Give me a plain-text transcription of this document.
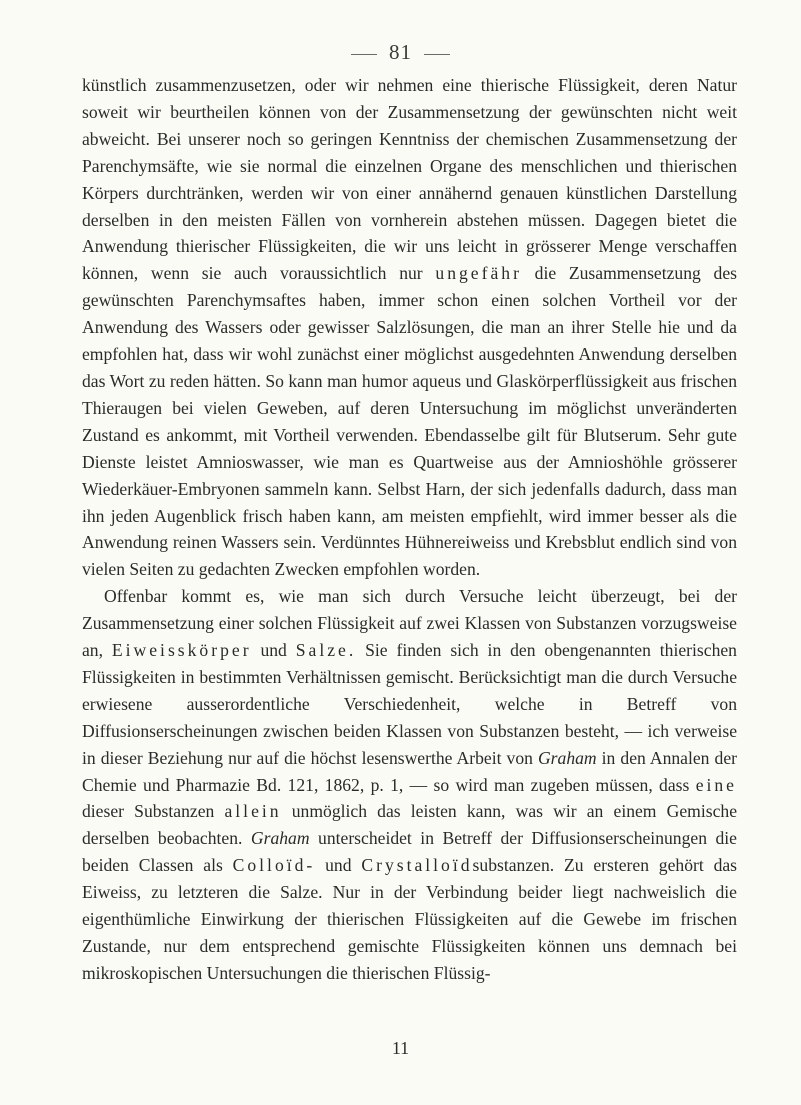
81

künstlich zusammenzusetzen, oder wir nehmen eine thierische Flüssigkeit, deren Natur soweit wir beurtheilen können von der Zusammensetzung der gewünschten nicht weit abweicht. Bei unserer noch so geringen Kenntniss der chemischen Zusammensetzung der Parenchymsäfte, wie sie normal die einzelnen Organe des menschlichen und thierischen Körpers durchtränken, werden wir von einer annähernd genauen künstlichen Darstellung derselben in den meisten Fällen von vornherein abstehen müssen. Dagegen bietet die Anwendung thierischer Flüssigkeiten, die wir uns leicht in grösserer Menge verschaffen können, wenn sie auch voraussichtlich nur ungefähr die Zusammensetzung des gewünschten Parenchymsaftes haben, immer schon einen solchen Vortheil vor der Anwendung des Wassers oder gewisser Salzlösungen, die man an ihrer Stelle hie und da empfohlen hat, dass wir wohl zunächst einer möglichst ausgedehnten Anwendung derselben das Wort zu reden hätten. So kann man humor aqueus und Glaskörperflüssigkeit aus frischen Thieraugen bei vielen Geweben, auf deren Untersuchung im möglichst unveränderten Zustand es ankommt, mit Vortheil verwenden. Ebendasselbe gilt für Blutserum. Sehr gute Dienste leistet Amnioswasser, wie man es Quartweise aus der Amnioshöhle grösserer Wiederkäuer-Embryonen sammeln kann. Selbst Harn, der sich jedenfalls dadurch, dass man ihn jeden Augenblick frisch haben kann, am meisten empfiehlt, wird immer besser als die Anwendung reinen Wassers sein. Verdünntes Hühnereiweiss und Krebsblut endlich sind von vielen Seiten zu gedachten Zwecken empfohlen worden.

Offenbar kommt es, wie man sich durch Versuche leicht überzeugt, bei der Zusammensetzung einer solchen Flüssigkeit auf zwei Klassen von Substanzen vorzugsweise an, Eiweisskörper und Salze. Sie finden sich in den obengenannten thierischen Flüssigkeiten in bestimmten Verhältnissen gemischt. Berücksichtigt man die durch Versuche erwiesene ausserordentliche Verschiedenheit, welche in Betreff von Diffusionserscheinungen zwischen beiden Klassen von Substanzen besteht, — ich verweise in dieser Beziehung nur auf die höchst lesenswerthe Arbeit von Graham in den Annalen der Chemie und Pharmazie Bd. 121, 1862, p. 1, — so wird man zugeben müssen, dass eine dieser Substanzen allein unmöglich das leisten kann, was wir an einem Gemische derselben beobachten. Graham unterscheidet in Betreff der Diffusionserscheinungen die beiden Classen als Colloïd- und Crystalloïdsubstanzen. Zu ersteren gehört das Eiweiss, zu letzteren die Salze. Nur in der Verbindung beider liegt nachweislich die eigenthümliche Einwirkung der thierischen Flüssigkeiten auf die Gewebe im frischen Zustande, nur dem entsprechend gemischte Flüssigkeiten können uns demnach bei mikroskopischen Untersuchungen die thierischen Flüssig-

11
